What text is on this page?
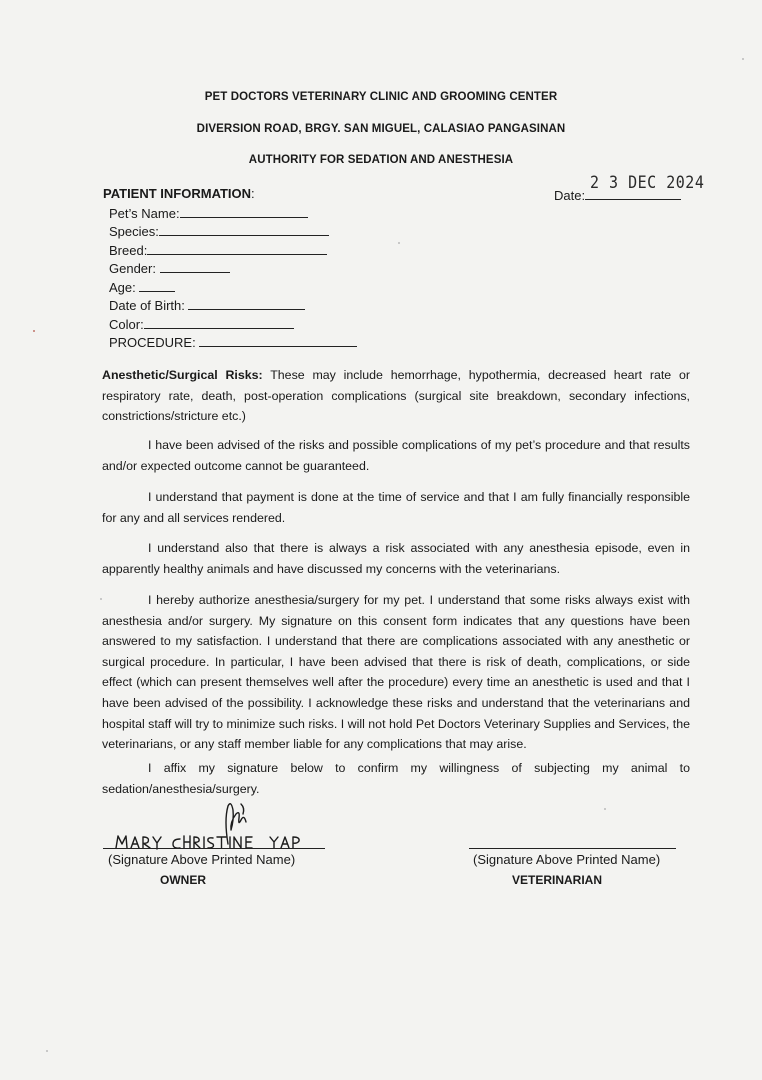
PET DOCTORS VETERINARY CLINIC AND GROOMING CENTER
DIVERSION ROAD, BRGY. SAN MIGUEL, CALASIAO PANGASINAN
AUTHORITY FOR SEDATION AND ANESTHESIA
2 3 DEC 2024
Date:
PATIENT INFORMATION:
Pet’s Name:
Species:
Breed:
Gender:
Age:
Date of Birth:
Color:
PROCEDURE:
Anesthetic/Surgical Risks: These may include hemorrhage, hypothermia, decreased heart rate or respiratory rate, death, post-operation complications (surgical site breakdown, secondary infections, constrictions/stricture etc.)
I have been advised of the risks and possible complications of my pet’s procedure and that results and/or expected outcome cannot be guaranteed.
I understand that payment is done at the time of service and that I am fully financially responsible for any and all services rendered.
I understand also that there is always a risk associated with any anesthesia episode, even in apparently healthy animals and have discussed my concerns with the veterinarians.
I hereby authorize anesthesia/surgery for my pet. I understand that some risks always exist with anesthesia and/or surgery. My signature on this consent form indicates that any questions have been answered to my satisfaction. I understand that there are complications associated with any anesthetic or surgical procedure. In particular, I have been advised that there is risk of death, complications, or side effect (which can present themselves well after the procedure) every time an anesthetic is used and that I have been advised of the possibility. I acknowledge these risks and understand that the veterinarians and hospital staff will try to minimize such risks. I will not hold Pet Doctors Veterinary Supplies and Services, the veterinarians, or any staff member liable for any complications that may arise.
I affix my signature below to confirm my willingness of subjecting my animal to sedation/anesthesia/surgery.
(Signature Above Printed Name)
OWNER
(Signature Above Printed Name)
VETERINARIAN
